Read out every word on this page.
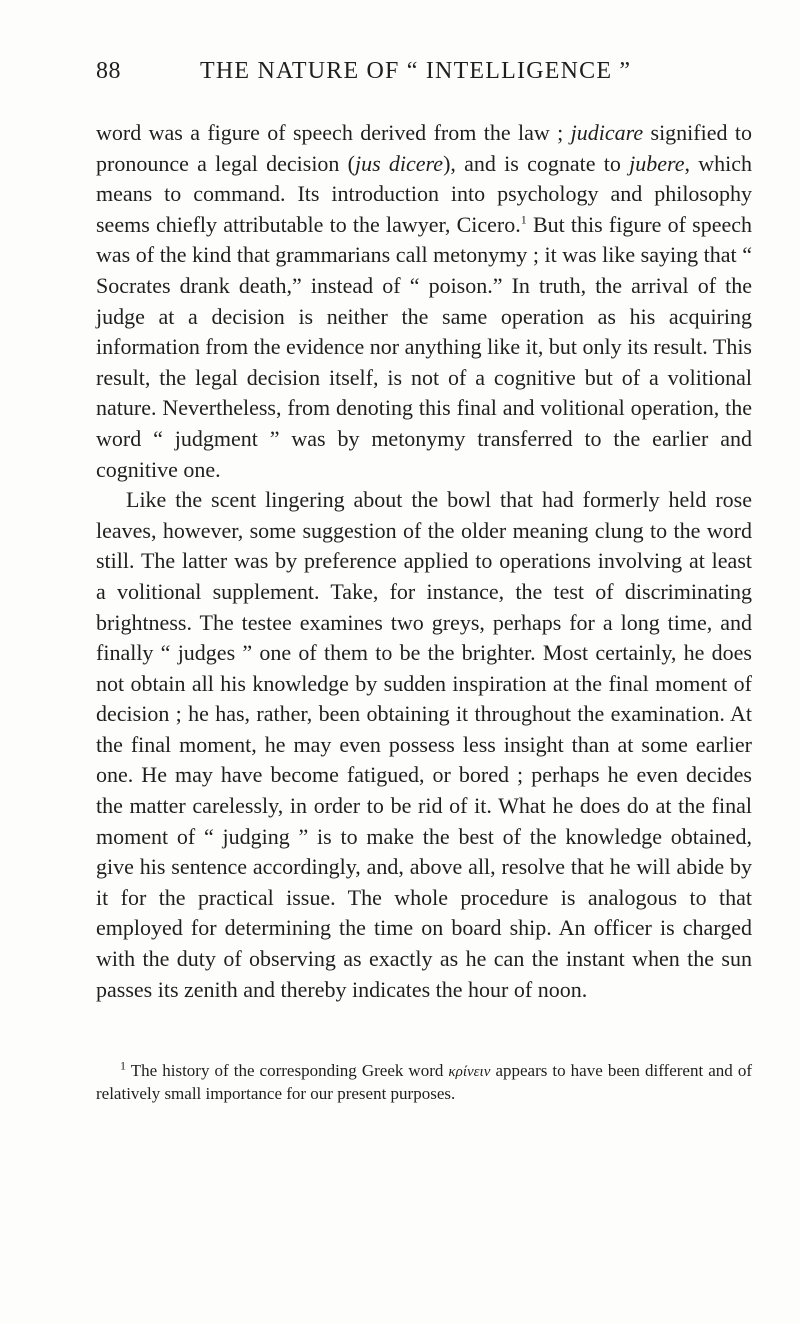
88	THE NATURE OF “ INTELLIGENCE ”

word was a figure of speech derived from the law ; judicare signified to pronounce a legal decision (jus dicere), and is cognate to jubere, which means to command. Its introduction into psychology and philosophy seems chiefly attributable to the lawyer, Cicero.$^1$ But this figure of speech was of the kind that grammarians call metonymy ; it was like saying that “ Socrates drank death,” instead of “ poison.” In truth, the arrival of the judge at a decision is neither the same operation as his acquiring information from the evidence nor anything like it, but only its result. This result, the legal decision itself, is not of a cognitive but of a volitional nature. Nevertheless, from denoting this final and volitional operation, the word “ judgment ” was by metonymy transferred to the earlier and cognitive one.

Like the scent lingering about the bowl that had formerly held rose leaves, however, some suggestion of the older meaning clung to the word still. The latter was by preference applied to operations involving at least a volitional supplement. Take, for instance, the test of discriminating brightness. The testee examines two greys, perhaps for a long time, and finally “ judges ” one of them to be the brighter. Most certainly, he does not obtain all his knowledge by sudden inspiration at the final moment of decision ; he has, rather, been obtaining it throughout the examination. At the final moment, he may even possess less insight than at some earlier one. He may have become fatigued, or bored ; perhaps he even decides the matter carelessly, in order to be rid of it. What he does do at the final moment of “ judging ” is to make the best of the knowledge obtained, give his sentence accordingly, and, above all, resolve that he will abide by it for the practical issue. The whole procedure is analogous to that employed for determining the time on board ship. An officer is charged with the duty of observing as exactly as he can the instant when the sun passes its zenith and thereby indicates the hour of noon.

$^1$ The history of the corresponding Greek word κρίνειν appears to have been different and of relatively small importance for our present purposes.
